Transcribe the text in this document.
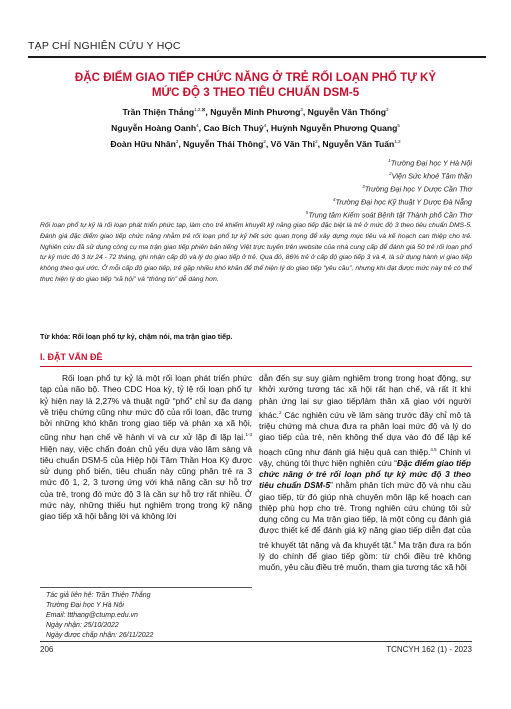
TẠP CHÍ NGHIÊN CỨU Y HỌC
ĐẶC ĐIỂM GIAO TIẾP CHỨC NĂNG Ở TRẺ RỐI LOẠN PHỔ TỰ KỶ
MỨC ĐỘ 3 THEO TIÊU CHUẨN DSM-5
Trần Thiện Thắng$^{1,2,⊠}$, Nguyễn Minh Phương$^3$, Nguyễn Văn Thống$^3$
Nguyễn Hoàng Oanh$^4$, Cao Bích Thuỷ$^4$, Huỳnh Nguyễn Phương Quang$^5$
Đoàn Hữu Nhân$^2$, Nguyễn Thái Thông$^2$, Võ Văn Thi$^2$, Nguyễn Văn Tuấn$^{1,2}$
$^1$Trường Đại học Y Hà Nội
$^2$Viện Sức khoẻ Tâm thần
$^3$Trường Đại học Y Dược Cần Thơ
$^4$Trường Đại học Kỹ thuật Y Dược Đà Nẵng
$^5$Trung tâm Kiểm soát Bệnh tật Thành phố Cần Thơ
Rối loạn phổ tự kỷ là rối loạn phát triển phức tạp, làm cho trẻ khiếm khuyết kỹ năng giao tiếp đặc biệt là trẻ ở mức độ 3 theo tiêu chuẩn DMS-5. Đánh giá đặc điểm giao tiếp chức năng nhằm trẻ rối loạn phổ tự kỷ hết sức quan trọng để xây dựng mục tiêu và kế hoạch can thiệp cho trẻ. Nghiên cứu đã sử dụng công cụ ma trận giao tiếp phiên bản tiếng Việt trực tuyến trên website của nhà cung cấp để đánh giá 50 trẻ rối loạn phổ tự kỷ mức độ 3 từ 24 - 72 tháng, ghi nhận cấp độ và lý do giao tiếp ở trẻ. Qua đó, 86% trẻ ở cấp độ giao tiếp 3 và 4, là sử dụng hành vi giao tiếp không theo qui ước. Ở mỗi cấp độ giao tiếp, trẻ gặp nhiều khó khăn để thể hiện lý do giao tiếp “yêu cầu”, nhưng khi đạt được mức này trẻ có thể thực hiện lý do giao tiếp “xã hội” và “thông tin” dễ dàng hơn.
Từ khóa: Rối loạn phổ tự kỷ, chậm nói, ma trận giao tiếp.
I. ĐẶT VẤN ĐỀ

Rối loạn phổ tự kỷ là một rối loạn phát triển phức tạp của não bộ. Theo CDC Hoa kỳ, tỷ lệ rối loạn phổ tự kỷ hiện nay là 2,27% và thuật ngữ “phổ” chỉ sự đa dạng về triệu chứng cũng như mức độ của rối loạn, đặc trưng bởi những khó khăn trong giao tiếp và phản xạ xã hội, cũng như hạn chế về hành vi và cư xử lặp đi lặp lại.$^{1-3}$ Hiện nay, việc chẩn đoán chủ yếu dựa vào lâm sàng và tiêu chuẩn DSM-5 của Hiệp hội Tâm Thần Hoa Kỳ được sử dụng phổ biến, tiêu chuẩn này cũng phân trẻ ra 3 mức độ 1, 2, 3 tương ứng với khả năng cần sự hỗ trợ của trẻ, trong đó mức độ 3 là cần sự hỗ trợ rất nhiều. Ở mức này, những thiếu hụt nghiêm trọng trong kỹ năng giao tiếp xã hội bằng lời và không lời

dẫn đến sự suy giảm nghiêm trọng trong hoạt động, sự khởi xướng tương tác xã hội rất hạn chế, và rất ít khi phản ứng lại sự giao tiếp/làm thân xã giao với người khác.$^2$ Các nghiên cứu về lâm sàng trước đây chỉ mô tả triệu chứng mà chưa đưa ra phân loại mức độ và lý do giao tiếp của trẻ, nên không thể dựa vào đó để lập kế hoạch cũng như đánh giá hiệu quả can thiệp.$^{4,5}$ Chính vì vậy, chúng tôi thực hiện nghiên cứu “Đặc điểm giao tiếp chức năng ở trẻ rối loạn phổ tự kỷ mức độ 3 theo tiêu chuẩn DSM-5” nhằm phân tích mức độ và nhu cầu giao tiếp, từ đó giúp nhà chuyên môn lập kế hoạch can thiệp phù hợp cho trẻ. Trong nghiên cứu chúng tôi sử dụng công cụ Ma trận giao tiếp, là một công cụ đánh giá được thiết kế để đánh giá kỹ năng giao tiếp diễn đạt của trẻ khuyết tật nặng và đa khuyết tật.$^6$ Ma trận đưa ra bốn lý do chính để giao tiếp gồm: từ chối điều trẻ không muốn, yêu cầu điều trẻ muốn, tham gia tương tác xã hội

Tác giả liên hệ: Trần Thiện Thắng
Trường Đại học Y Hà Nội
Email: ttthang@ctump.edu.vn
Ngày nhận: 25/10/2022
Ngày được chấp nhận: 26/11/2022
206	TCNCYH 162 (1) - 2023
